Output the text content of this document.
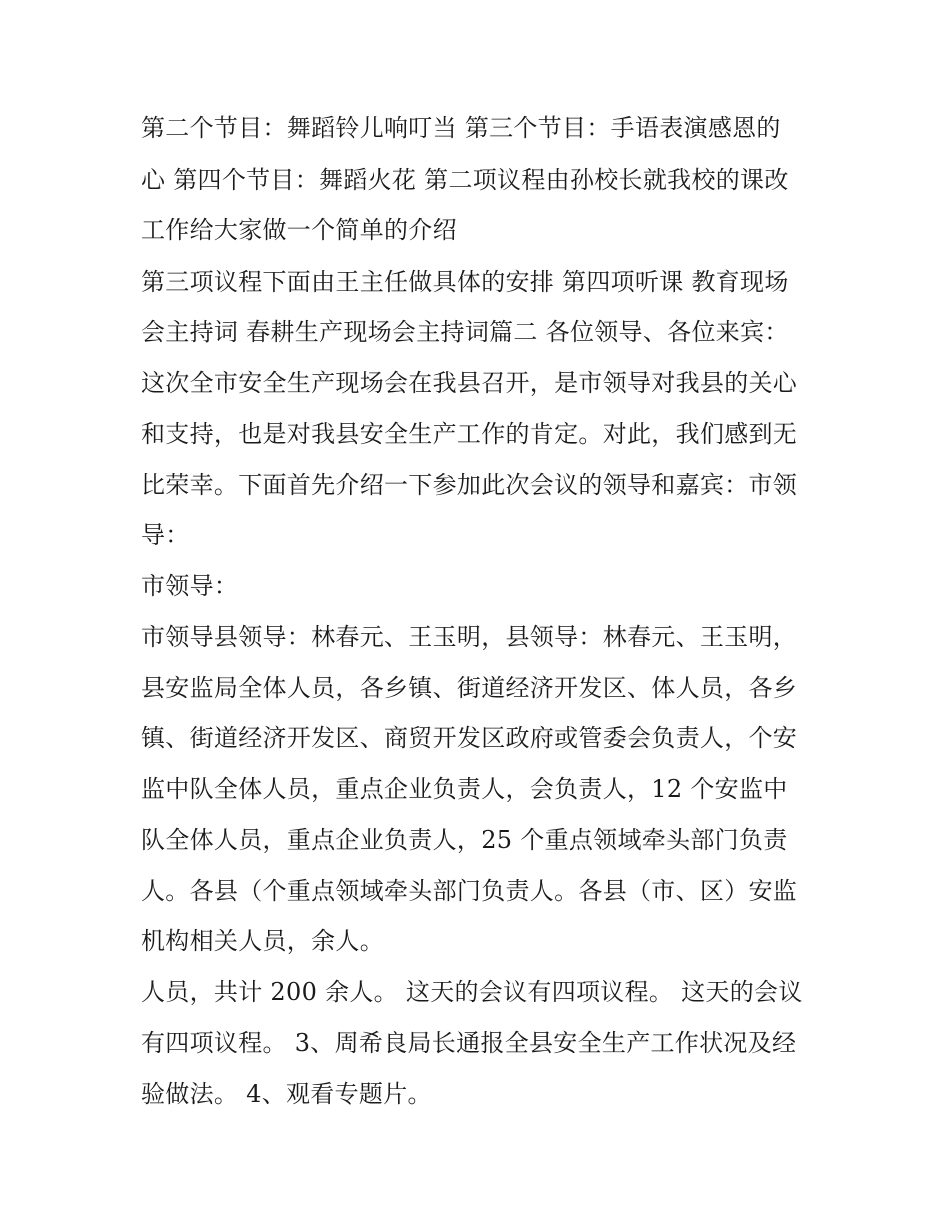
第二个节目：舞蹈铃儿响叮当 第三个节目：手语表演感恩的
心 第四个节目：舞蹈火花 第二项议程由孙校长就我校的课改
工作给大家做一个简单的介绍
第三项议程下面由王主任做具体的安排 第四项听课 教育现场
会主持词 春耕生产现场会主持词篇二 各位领导、各位来宾：
这次全市安全生产现场会在我县召开，是市领导对我县的关心
和支持，也是对我县安全生产工作的肯定。对此，我们感到无
比荣幸。下面首先介绍一下参加此次会议的领导和嘉宾：市领
导：
市领导：
市领导县领导：林春元、王玉明，县领导：林春元、王玉明，
县安监局全体人员，各乡镇、街道经济开发区、体人员，各乡
镇、街道经济开发区、商贸开发区政府或管委会负责人，个安
监中队全体人员，重点企业负责人，会负责人，12 个安监中
队全体人员，重点企业负责人，25 个重点领域牵头部门负责
人。各县（个重点领域牵头部门负责人。各县（市、区）安监
机构相关人员，余人。
人员，共计 200 余人。 这天的会议有四项议程。 这天的会议
有四项议程。 3、周希良局长通报全县安全生产工作状况及经
验做法。 4、观看专题片。
